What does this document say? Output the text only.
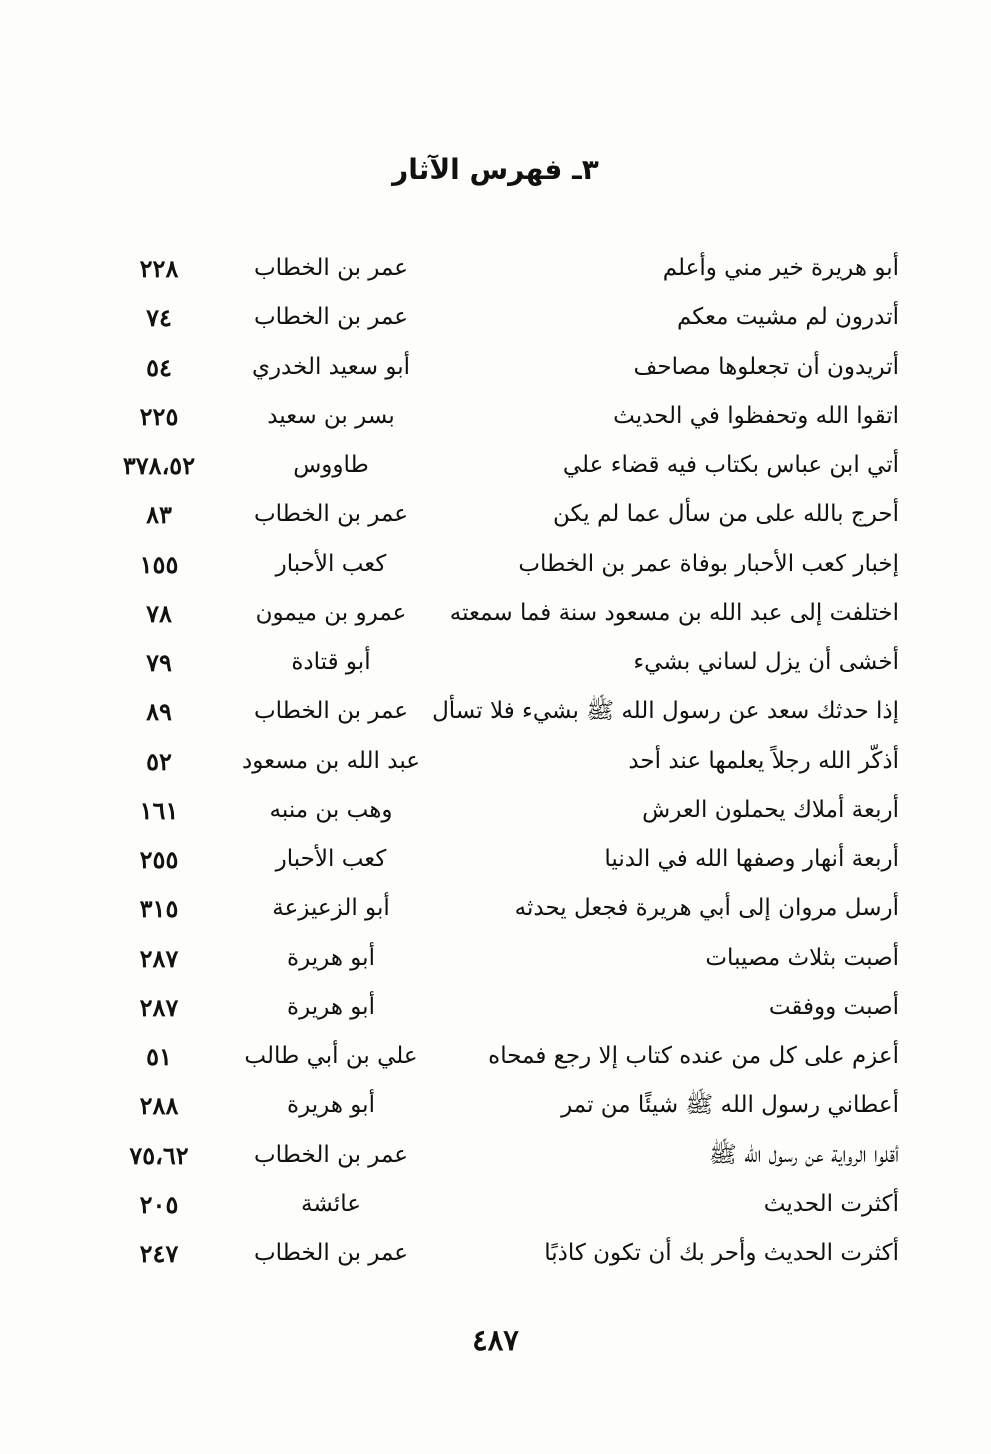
٣ـ فهرس الآثار
أبو هريرة خير مني وأعلم
عمر بن الخطاب
٢٢٨
أتدرون لم مشيت معكم
عمر بن الخطاب
٧٤
أتريدون أن تجعلوها مصاحف
أبو سعيد الخدري
٥٤
اتقوا الله وتحفظوا في الحديث
بسر بن سعيد
٢٢٥
أتي ابن عباس بكتاب فيه قضاء علي
طاووس
٣٧٨،٥٢
أحرج بالله على من سأل عما لم يكن
عمر بن الخطاب
٨٣
إخبار كعب الأحبار بوفاة عمر بن الخطاب
كعب الأحبار
١٥٥
اختلفت إلى عبد الله بن مسعود سنة فما سمعته
عمرو بن ميمون
٧٨
أخشى أن يزل لساني بشيء
أبو قتادة
٧٩
إذا حدثك سعد عن رسول الله ﷺ بشيء فلا تسأل
عمر بن الخطاب
٨٩
أذكّر الله رجلاً يعلمها عند أحد
عبد الله بن مسعود
٥٢
أربعة أملاك يحملون العرش
وهب بن منبه
١٦١
أربعة أنهار وصفها الله في الدنيا
كعب الأحبار
٢٥٥
أرسل مروان إلى أبي هريرة فجعل يحدثه
أبو الزعيزعة
٣١٥
أصبت بثلاث مصيبات
أبو هريرة
٢٨٧
أصبت ووفقت
أبو هريرة
٢٨٧
أعزم على كل من عنده كتاب إلا رجع فمحاه
علي بن أبي طالب
٥١
أعطاني رسول الله ﷺ شيئًا من تمر
أبو هريرة
٢٨٨
أقلوا الرواية عن رسول الله ﷺ
عمر بن الخطاب
٧٥،٦٢
أكثرت الحديث
عائشة
٢٠٥
أكثرت الحديث وأحر بك أن تكون كاذبًا
عمر بن الخطاب
٢٤٧
٤٨٧
